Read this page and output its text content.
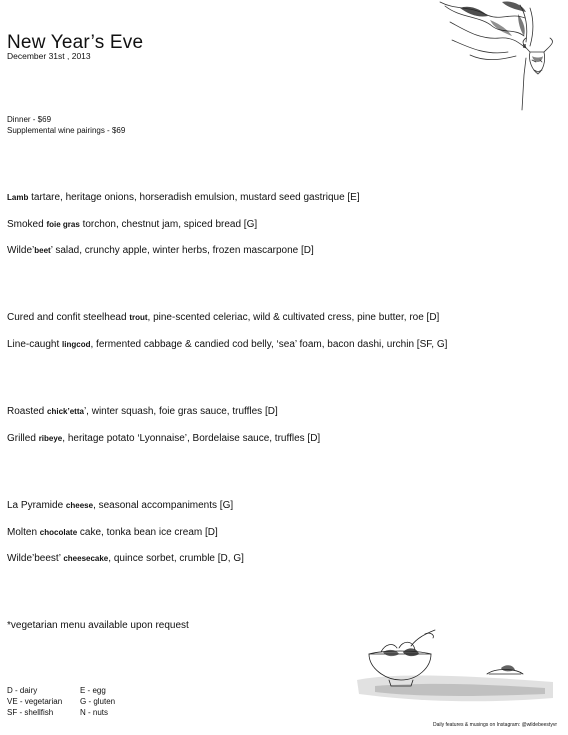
New Year’s Eve
December 31st , 2013
Dinner - $69
Supplemental wine pairings - $69
Lamb tartare, heritage onions, horseradish emulsion, mustard seed gastrique [E]
Smoked foie gras torchon, chestnut jam, spiced bread [G]
Wilde’beet’ salad, crunchy apple, winter herbs, frozen mascarpone [D]
Cured and confit steelhead trout, pine-scented celeriac, wild & cultivated cress, pine butter, roe [D]
Line-caught lingcod, fermented cabbage & candied cod belly, ‘sea’ foam, bacon dashi, urchin [SF, G]
Roasted chick’etta’, winter squash, foie gras sauce, truffles [D]
Grilled ribeye, heritage potato ‘Lyonnaise’, Bordelaise sauce, truffles [D]
La Pyramide cheese, seasonal accompaniments [G]
Molten chocolate cake, tonka bean ice cream [D]
Wilde’beest’ cheesecake, quince sorbet, crumble [D, G]
*vegetarian menu available upon request
D - dairy
VE - vegetarian
SF - shellfish
E - egg
G - gluten
N - nuts
Daily features & musings on Instagram: @wildebeestyvr
